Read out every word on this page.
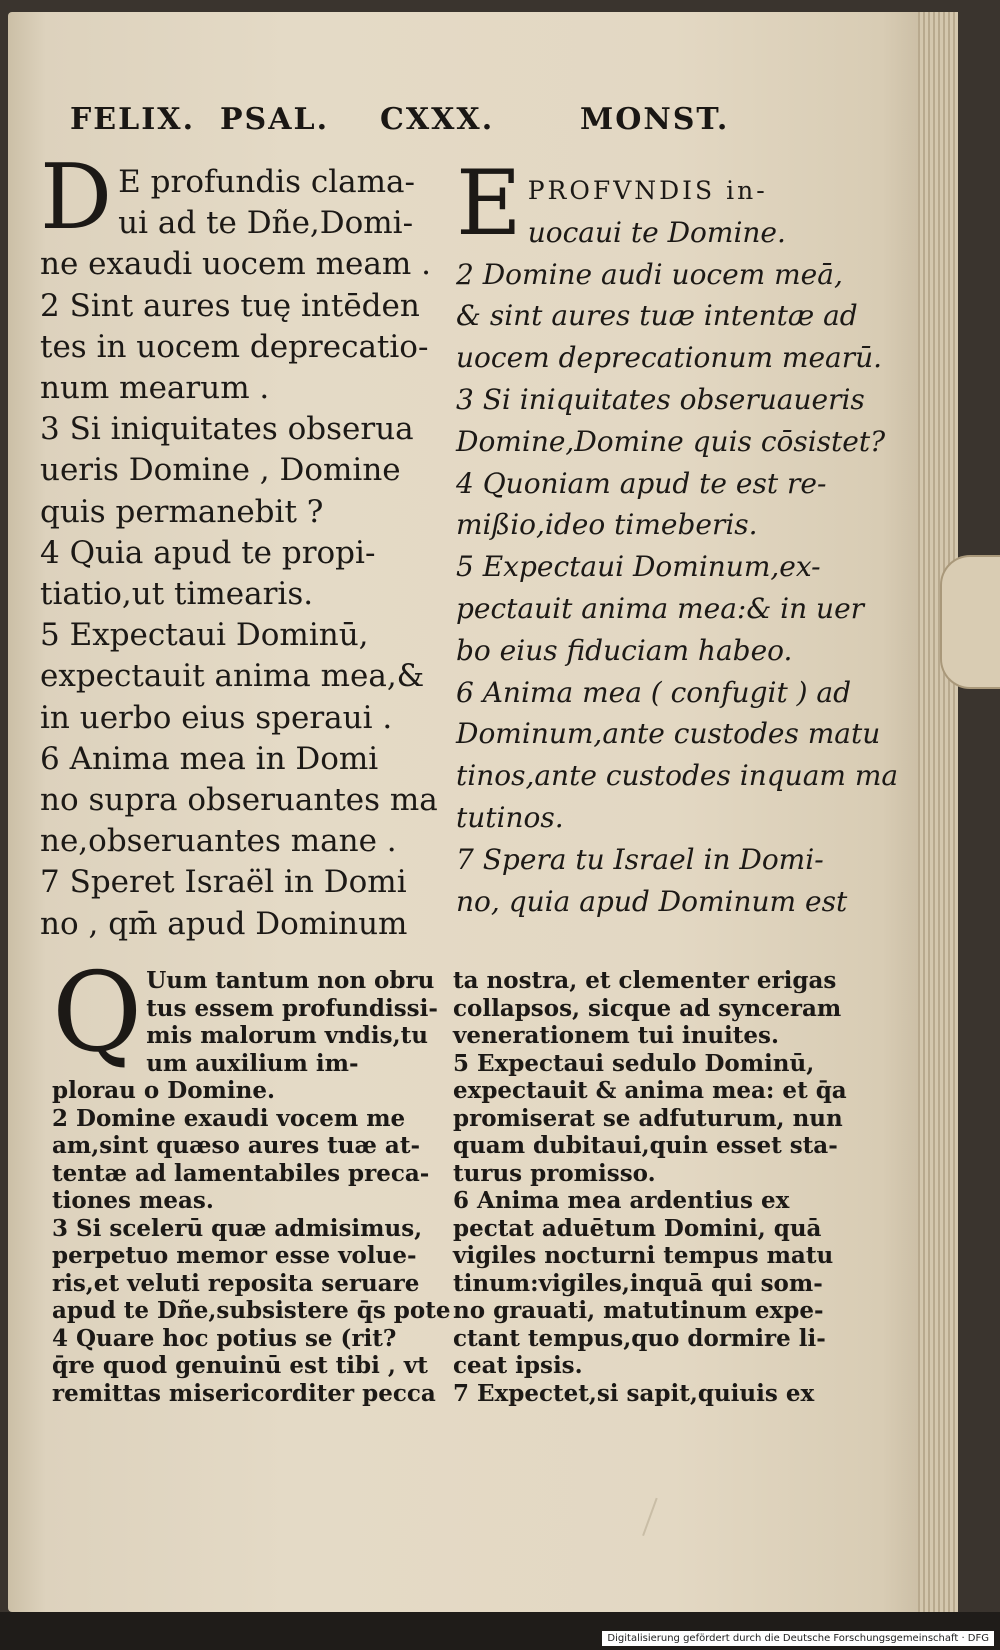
FELIX. PSAL. CXXX.	MONST.
D E profundis clama-

ui ad te Dñe,Domi-

ne exaudi uocem meam .

2 Sint aures tuę intēden

tes in uocem deprecatio-

num mearum .

3 Si iniquitates obserua

ueris Domine , Domine

quis permanebit ?

4 Quia apud te propi-

tiatio,ut timearis.

5 Expectaui Dominū,

expectauit anima mea,&

in uerbo eius speraui .

6 Anima mea in Domi

no supra obseruantes ma

ne,obseruantes mane .

7 Speret Israël in Domi

no , qm̄ apud Dominum

E PROFVNDIS in-

uocaui te Domine.

2 Domine audi uocem meā,

& sint aures tuæ intentæ ad

uocem deprecationum mearū.

3 Si iniquitates obseruaueris

Domine,Domine quis cōsistet?

4 Quoniam apud te est re-

mißio,ideo timeberis.

5 Expectaui Dominum,ex-

pectauit anima mea:& in uer

bo eius fiduciam habeo.

6 Anima mea ( confugit ) ad

Dominum,ante custodes matu

tinos,ante custodes inquam ma

tutinos.

7 Spera tu Israel in Domi-

no, quia apud Dominum est

Q Uum tantum non obru

tus essem profundissi-

mis malorum vndis,tu

um auxilium im-

plorau o Domine.

2 Domine exaudi vocem me

am,sint quæso aures tuæ at-

tentæ ad lamentabiles preca-

tiones meas.

3 Si scelerū quæ admisimus,

perpetuo memor esse volue-

ris,et veluti reposita seruare

apud te Dñe,subsistere q̄s pote

4 Quare hoc potius se (rit?

q̄re quod genuinū est tibi , vt

remittas misericorditer pecca

ta nostra, et clementer erigas

collapsos, sicque ad synceram

venerationem tui inuites.

5 Expectaui sedulo Dominū,

expectauit & anima mea: et q̄a

promiserat se adfuturum, nun

quam dubitaui,quin esset sta-

turus promisso.

6 Anima mea ardentius ex

pectat aduētum Domini, quā

vigiles nocturni tempus matu

tinum:vigiles,inquā qui som-

no grauati, matutinum expe-

ctant tempus,quo dormire li-

ceat ipsis.

7 Expectet,si sapit,quiuis ex

Digitalisierung gefördert durch die Deutsche Forschungsgemeinschaft · DFG
